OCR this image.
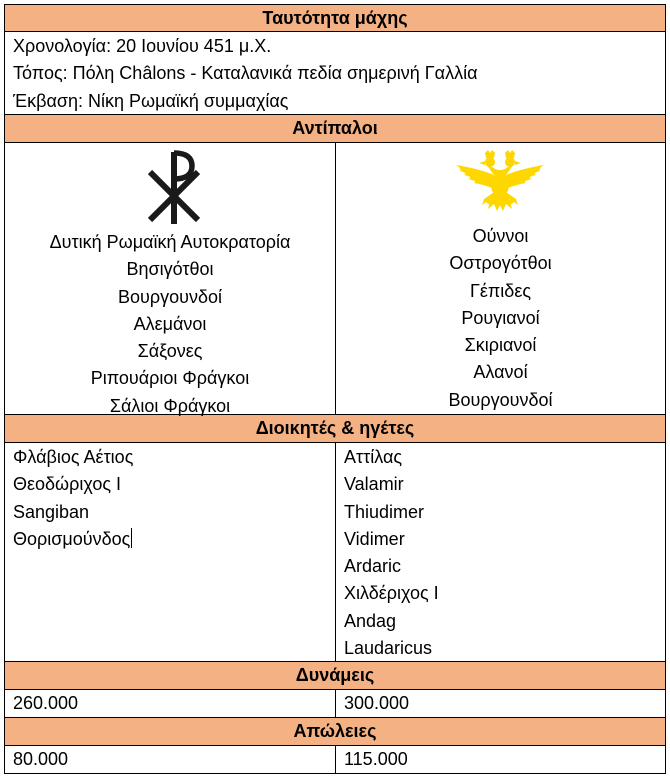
Ταυτότητα μάχης
Χρονολογία: 20 Ιουνίου 451 μ.Χ.
Τόπος: Πόλη Châlons - Καταλανικά πεδία σημερινή Γαλλία
Έκβαση: Νίκη Ρωμαϊκή συμμαχίας
Αντίπαλοι
Δυτική Ρωμαϊκή Αυτοκρατορία
Βησιγότθοι
Βουργουνδοί
Αλεμάνοι
Σάξονες
Ριπουάριοι Φράγκοι
Σάλιοι Φράγκοι
Ούννοι
Οστρογότθοι
Γέπιδες
Ρουγιανοί
Σκιριανοί
Αλανοί
Βουργουνδοί
Διοικητές & ηγέτες
Φλάβιος Αέτιος
Θεοδώριχος Ι
Sangiban
Θορισμούνδος
Αττίλας
Valamir
Thiudimer
Vidimer
Ardaric
Χιλδέριχος Ι
Andag
Laudaricus
Δυνάμεις
260.000	300.000
Απώλειες
80.000	115.000
